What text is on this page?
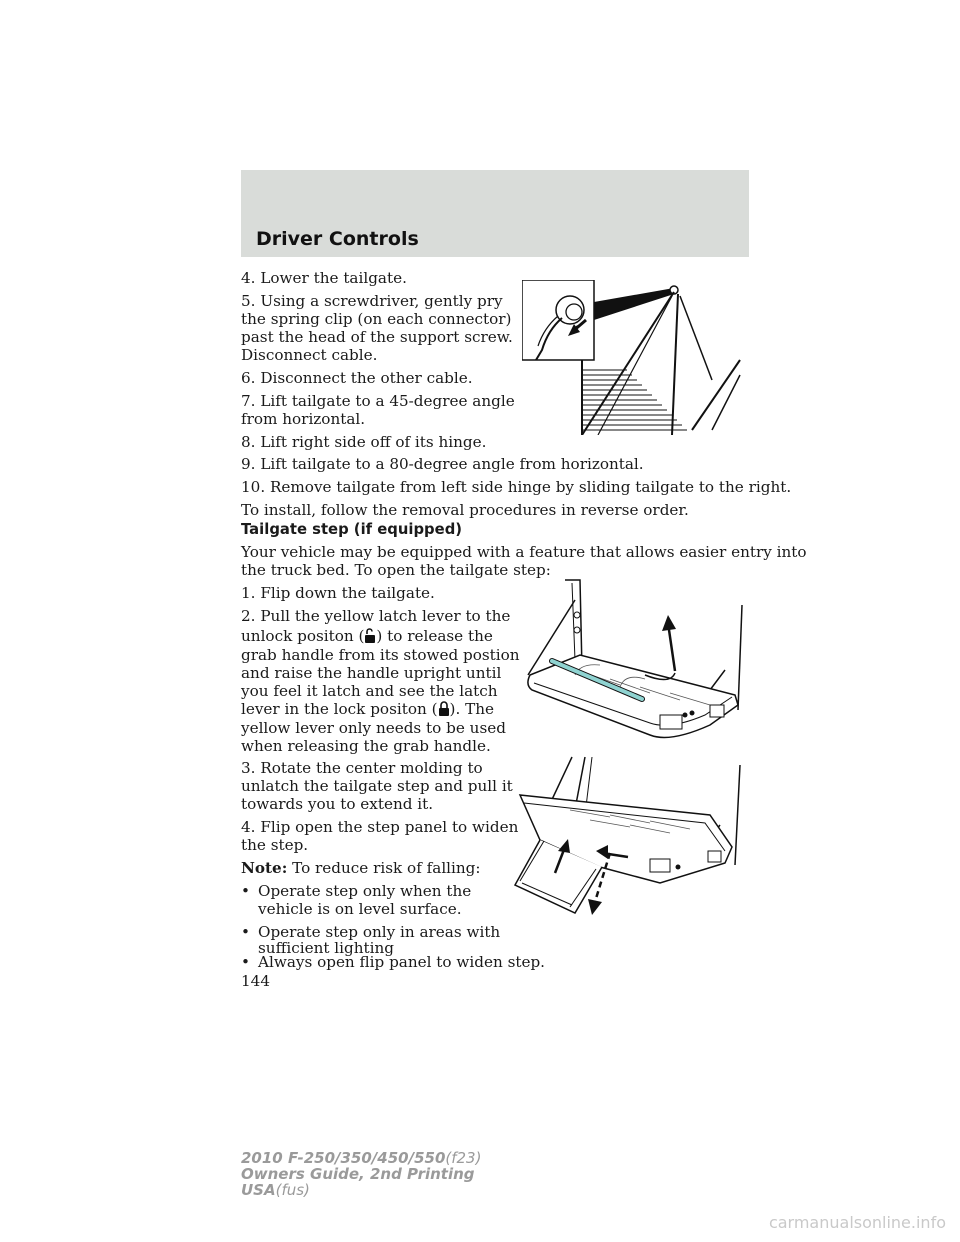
Driver Controls
4. Lower the tailgate.
5. Using a screwdriver, gently pry
the spring clip (on each connector)
past the head of the support screw.
Disconnect cable.
6. Disconnect the other cable.
7. Lift tailgate to a 45-degree angle
from horizontal.
8. Lift right side off of its hinge.
9. Lift tailgate to a 80-degree angle from horizontal.
10. Remove tailgate from left side hinge by sliding tailgate to the right.
To install, follow the removal procedures in reverse order.
Tailgate step (if equipped)
Your vehicle may be equipped with a feature that allows easier entry into
the truck bed. To open the tailgate step:
1. Flip down the tailgate.
2. Pull the yellow latch lever to the
unlock positon ( ) to release the
grab handle from its stowed postion
and raise the handle upright until
you feel it latch and see the latch
lever in the lock positon ( ). The
yellow lever only needs to be used
when releasing the grab handle.
3. Rotate the center molding to
unlatch the tailgate step and pull it
towards you to extend it.
4. Flip open the step panel to widen
the step.
Note: To reduce risk of falling:
• Operate step only when the
vehicle is on level surface.
• Operate step only in areas with
sufficient lighting
• Always open flip panel to widen step.
144
2010 F-250/350/450/550(f23)
Owners Guide, 2nd Printing
USA(fus)
carmanualsonline.info
